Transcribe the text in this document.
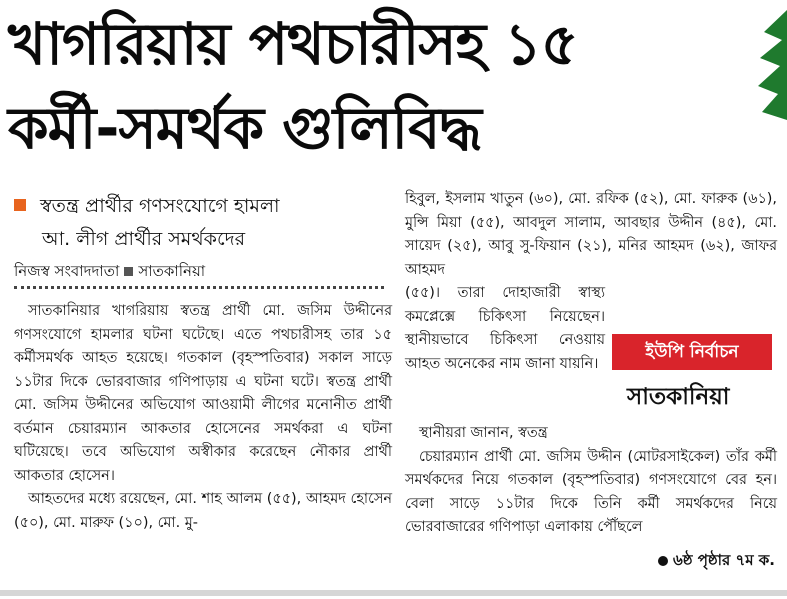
খাগরিয়ায় পথচারীসহ ১৫
কর্মী-সমর্থক গুলিবিদ্ধ
স্বতন্ত্র প্রার্থীর গণসংযোগে হামলা
আ. লীগ প্রার্থীর সমর্থকদের
নিজস্ব সংবাদদাতা সাতকানিয়া

সাতকানিয়ার খাগরিয়ায় স্বতন্ত্র প্রার্থী মো. জসিম উদ্দীনের গণসংযোগে হামলার ঘটনা ঘটেছে। এতে পথচারীসহ তার ১৫ কর্মীসমর্থক আহত হয়েছে। গতকাল (বৃহস্পতিবার) সকাল সাড়ে ১১টার দিকে ভোরবাজার গণিপাড়ায় এ ঘটনা ঘটে। স্বতন্ত্র প্রার্থী মো. জসিম উদ্দীনের অভিযোগ আওয়ামী লীগের মনোনীত প্রার্থী বর্তমান চেয়ারম্যান আকতার হোসেনের সমর্থকরা এ ঘটনা ঘটিয়েছে। তবে অভিযোগ অস্বীকার করেছেন নৌকার প্রার্থী আকতার হোসেন।

আহতদের মধ্যে রয়েছেন, মো. শাহ আলম (৫৫), আহমদ হোসেন (৫০), মো. মারুফ (১০), মো. মু-

হিবুল, ইসলাম খাতুন (৬০), মো. রফিক (৫২), মো. ফারুক (৬১), মুন্সি মিয়া (৫৫), আবদুল সালাম, আবছার উদ্দীন (৪৫), মো. সায়েদ (২৫), আবু সু-ফিয়ান (২১), মনির আহমদ (৬২), জাফর আহমদ
(৫৫)। তারা দোহাজারী স্বাস্থ্য কমপ্লেক্সে চিকিৎসা নিয়েছেন। স্থানীয়ভাবে চিকিৎসা নেওয়ায় আহত অনেকের নাম জানা যায়নি।
ইউপি নির্বাচন
সাতকানিয়া

স্থানীয়রা জানান, স্বতন্ত্র

চেয়ারম্যান প্রার্থী মো. জসিম উদ্দীন (মোটরসাইকেল) তাঁর কর্মী সমর্থকদের নিয়ে গতকাল (বৃহস্পতিবার) গণসংযোগে বের হন। বেলা সাড়ে ১১টার দিকে তিনি কর্মী সমর্থকদের নিয়ে ভোরবাজারের গণিপাড়া এলাকায় পৌঁছলে

৬ষ্ঠ পৃষ্ঠার ৭ম ক.
